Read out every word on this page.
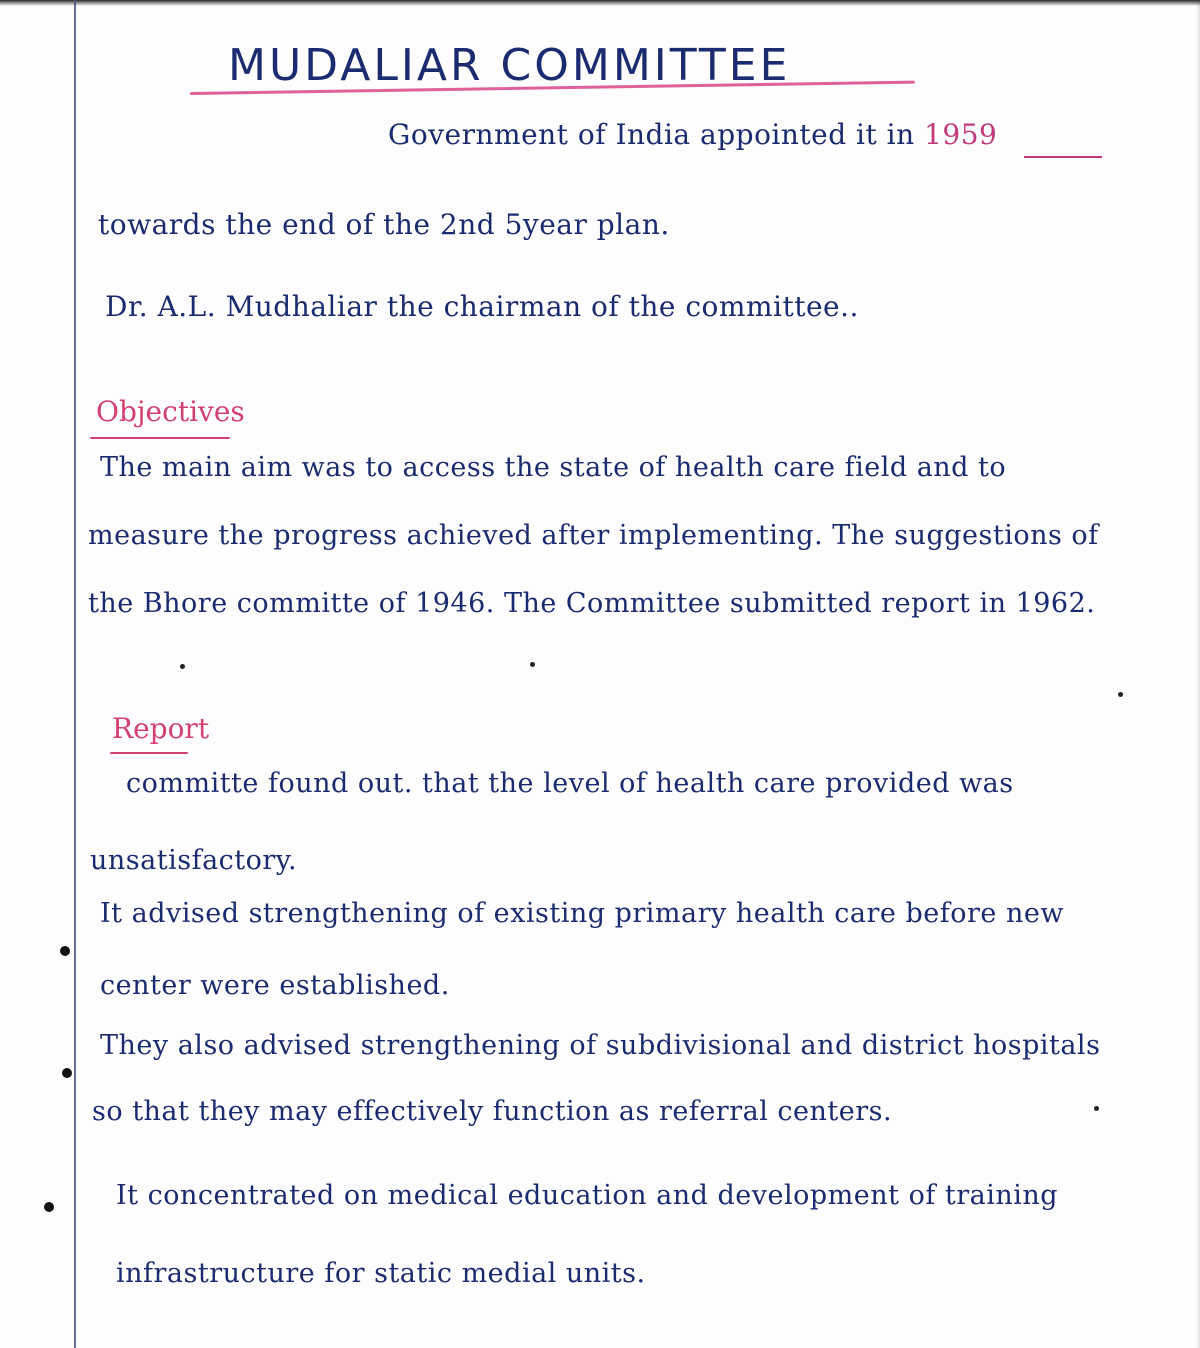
MUDALIAR COMMITTEE
Government of India appointed it in 1959
towards the end of the 2nd 5year plan.
Dr. A.L. Mudhaliar the chairman of the committee..
Objectives
The main aim was to access the state of health care field and to
measure the progress achieved after implementing. The suggestions of
the Bhore committe of 1946. The Committee submitted report in 1962.
Report
committe found out. that the level of health care provided was
unsatisfactory.
It advised strengthening of existing primary health care before new
center were established.
They also advised strengthening of subdivisional and district hospitals
so that they may effectively function as referral centers.
It concentrated on medical education and development of training
infrastructure for static medial units.
